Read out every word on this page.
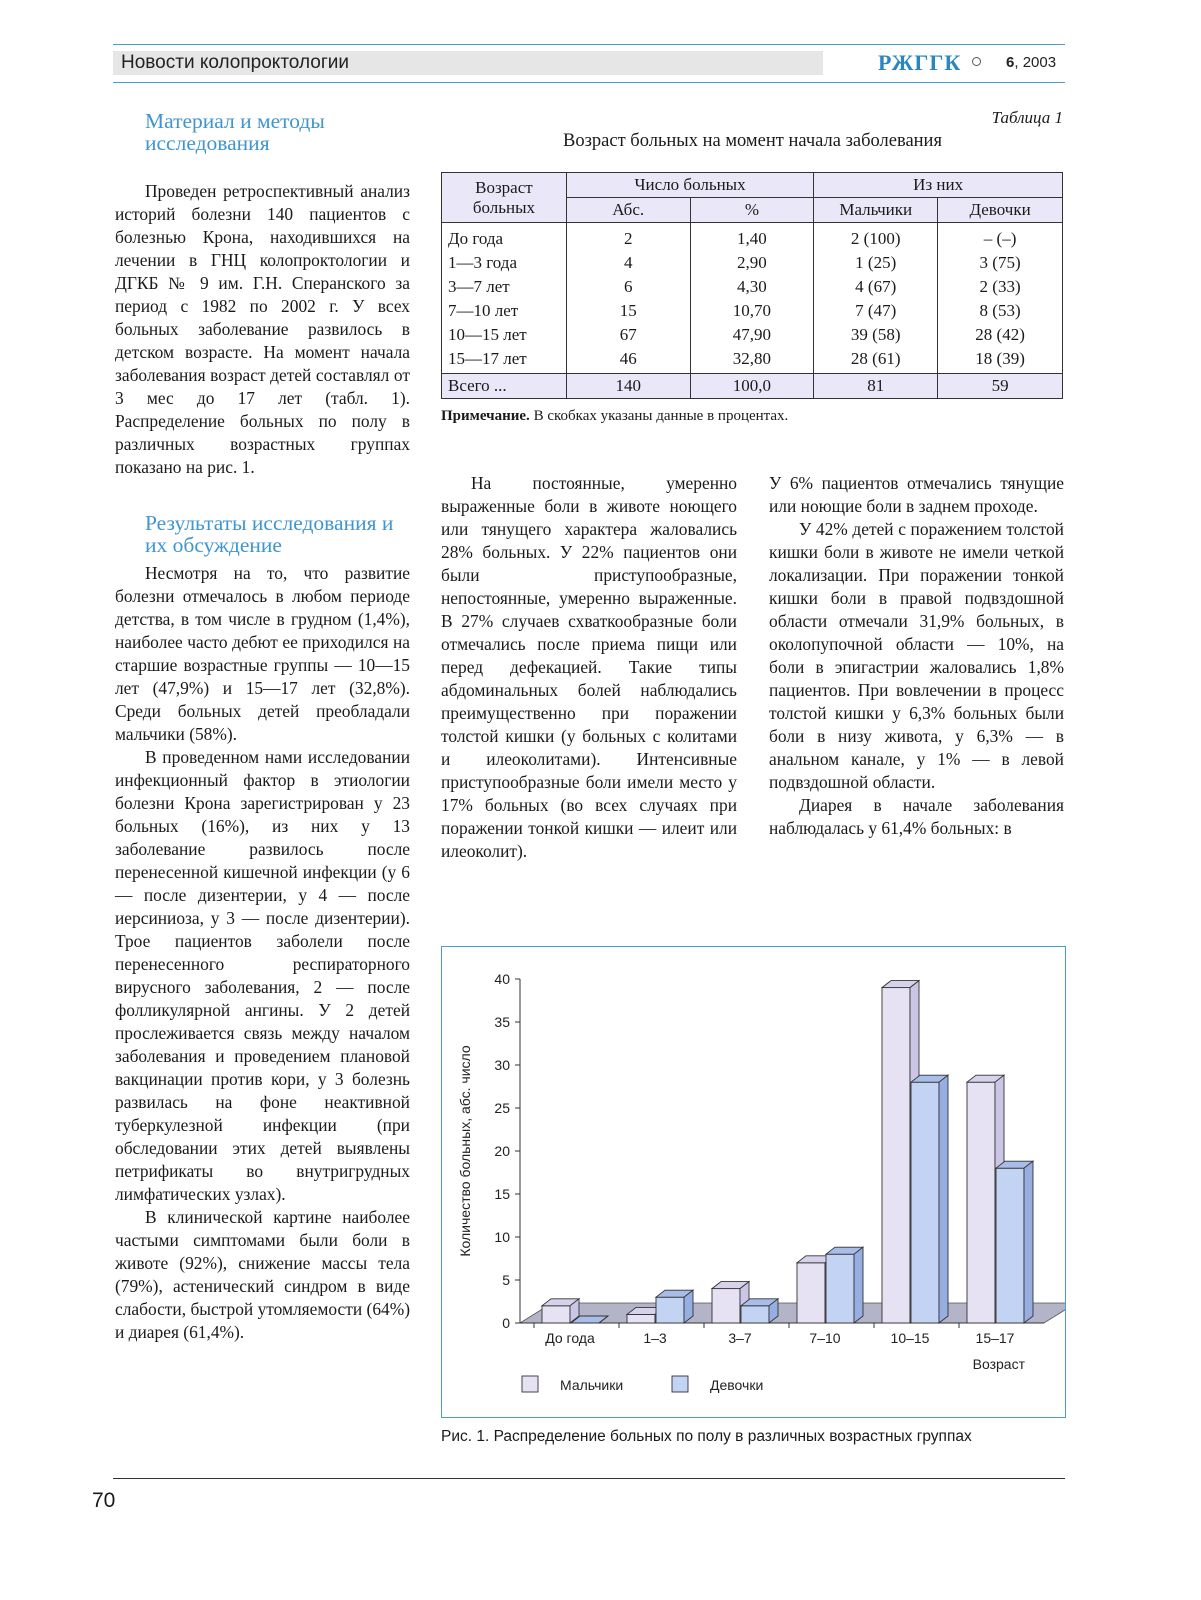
Новости колопроктологии	РЖГГК	6, 2003
Материал и методы исследования

Проведен ретроспективный анализ историй болезни 140 пациентов с болезнью Крона, находившихся на лечении в ГНЦ колопроктологии и ДГКБ № 9 им. Г.Н. Сперанского за период с 1982 по 2002 г. У всех больных заболевание развилось в детском возрасте. На момент начала заболевания возраст детей составлял от 3 мес до 17 лет (табл. 1). Распределение больных по полу в различных возрастных группах показано на рис. 1.

Результаты исследования и их обсуждение

Несмотря на то, что развитие болезни отмечалось в любом периоде детства, в том числе в грудном (1,4%), наиболее часто дебют ее приходился на старшие возрастные группы — 10—15 лет (47,9%) и 15—17 лет (32,8%). Среди больных детей преобладали мальчики (58%).

В проведенном нами исследовании инфекционный фактор в этиологии болезни Крона зарегистрирован у 23 больных (16%), из них у 13 заболевание развилось после перенесенной кишечной инфекции (у 6 — после дизентерии, у 4 — после иерсиниоза, у 3 — после дизентерии). Трое пациентов заболели после перенесенного респираторного вирусного заболевания, 2 — после фолликулярной ангины. У 2 детей прослеживается связь между началом заболевания и проведением плановой вакцинации против кори, у 3 болезнь развилась на фоне неактивной туберкулезной инфекции (при обследовании этих детей выявлены петрификаты во внутригрудных лимфатических узлах).

В клинической картине наиболее частыми симптомами были боли в животе (92%), снижение массы тела (79%), астенический синдром в виде слабости, быстрой утомляемости (64%) и диарея (61,4%).

Таблица 1
Возраст больных на момент начала заболевания
Возраст больных	Число больных		Из них	
	Абс.	%	Мальчики	Девочки
До года	2	1,40	2 (100)	– (–)
1—3 года	4	2,90	1 (25)	3 (75)
3—7 лет	6	4,30	4 (67)	2 (33)
7—10 лет	15	10,70	7 (47)	8 (53)
10—15 лет	67	47,90	39 (58)	28 (42)
15—17 лет	46	32,80	28 (61)	18 (39)
Всего ...	140	100,0	81	59
Примечание. В скобках указаны данные в процентах.

На постоянные, умеренно выраженные боли в животе ноющего или тянущего характера жаловались 28% больных. У 22% пациентов они были приступообразные, непостоянные, умеренно выраженные. В 27% случаев схваткообразные боли отмечались после приема пищи или перед дефекацией. Такие типы абдоминальных болей наблюдались преимущественно при поражении толстой кишки (у больных с колитами и илеоколитами). Интенсивные приступообразные боли имели место у 17% больных (во всех случаях при поражении тонкой кишки — илеит или илеоколит).

У 6% пациентов отмечались тянущие или ноющие боли в заднем проходе.

У 42% детей с поражением толстой кишки боли в животе не имели четкой локализации. При поражении тонкой кишки боли в правой подвздошной области отмечали 31,9% больных, в околопупочной области — 10%, на боли в эпигастрии жаловались 1,8% пациентов. При вовлечении в процесс толстой кишки у 6,3% больных были боли в низу живота, у 6,3% — в анальном канале, у 1% — в левой подвздошной области.

Диарея в начале заболевания наблюдалась у 61,4% больных: в

0
5
10
15
20
25
30
35
40
Количество больных, абс. число
До года	1–3	3–7	7–10	10–15	15–17
Возраст
Мальчики	Девочки
Рис. 1. Распределение больных по полу в различных возрастных группах
70
